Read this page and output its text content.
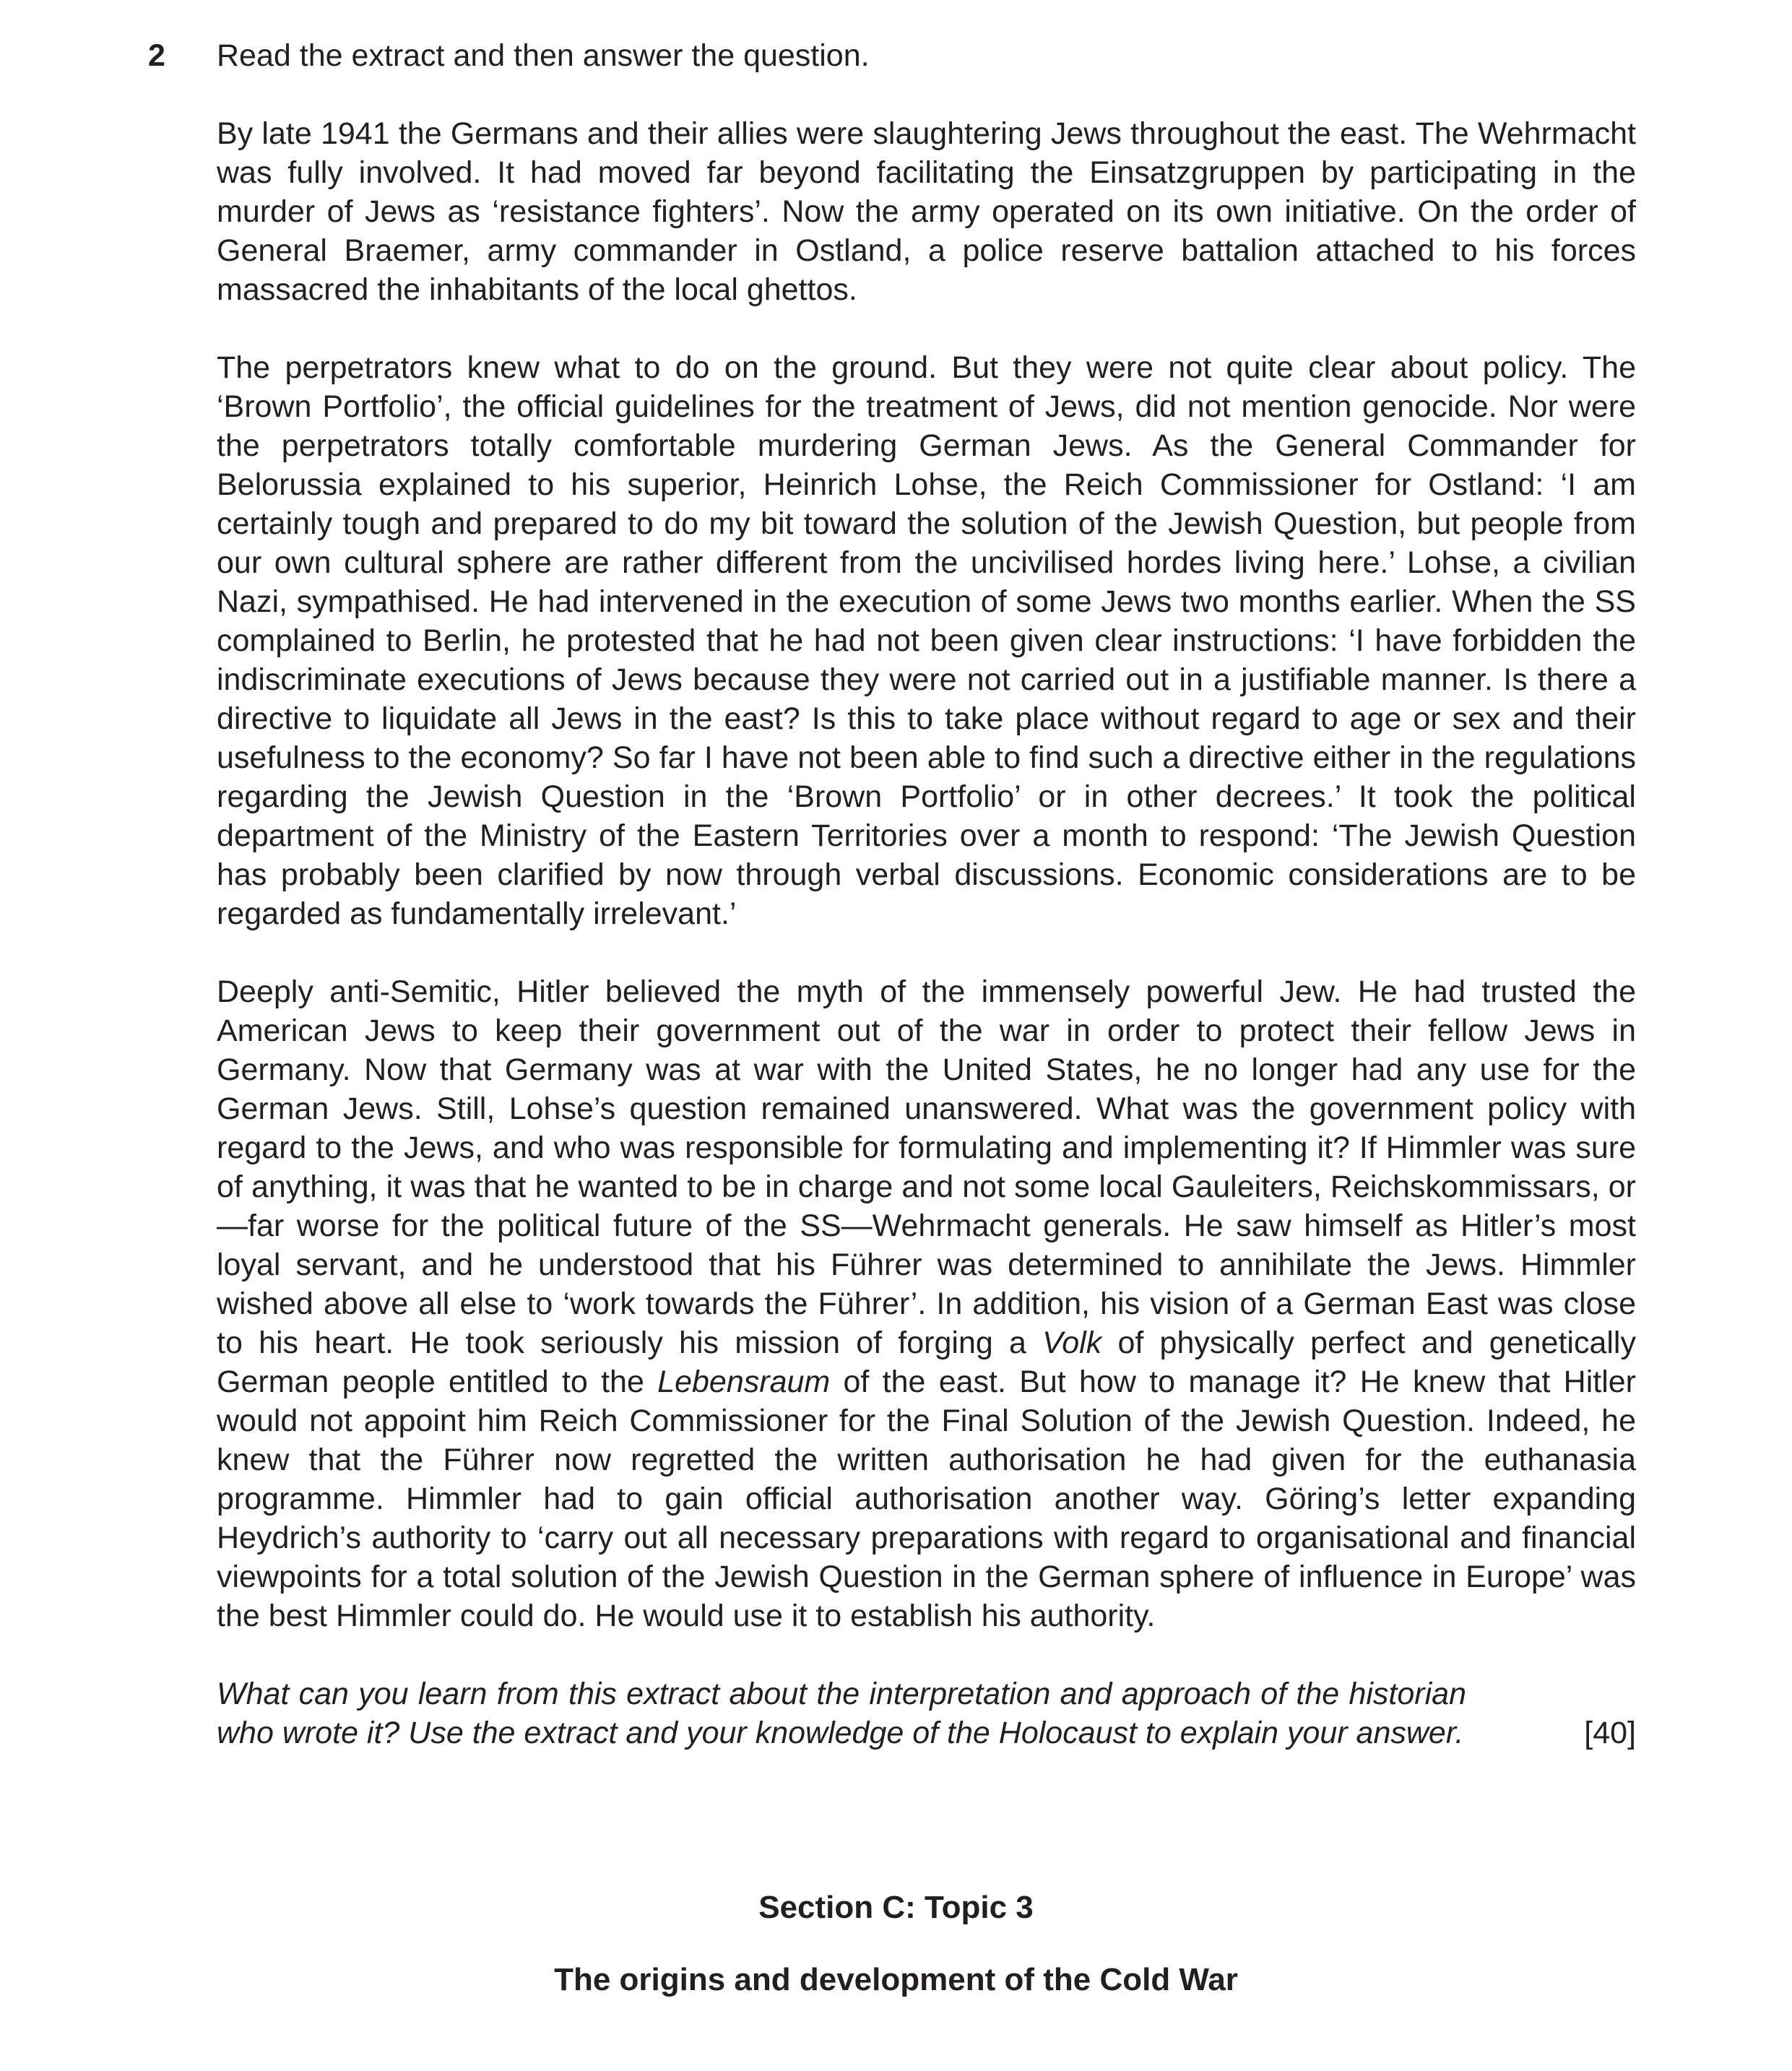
2 Read the extract and then answer the question.

By late 1941 the Germans and their allies were slaughtering Jews throughout the east. The Wehrmacht was fully involved. It had moved far beyond facilitating the Einsatzgruppen by participating in the murder of Jews as ‘resistance fighters’. Now the army operated on its own initiative. On the order of General Braemer, army commander in Ostland, a police reserve battalion attached to his forces massacred the inhabitants of the local ghettos.

The perpetrators knew what to do on the ground. But they were not quite clear about policy. The ‘Brown Portfolio’, the official guidelines for the treatment of Jews, did not mention genocide. Nor were the perpetrators totally comfortable murdering German Jews. As the General Commander for Belorussia explained to his superior, Heinrich Lohse, the Reich Commissioner for Ostland: ‘I am certainly tough and prepared to do my bit toward the solution of the Jewish Question, but people from our own cultural sphere are rather different from the uncivilised hordes living here.’ Lohse, a civilian Nazi, sympathised. He had intervened in the execution of some Jews two months earlier. When the SS complained to Berlin, he protested that he had not been given clear instructions: ‘I have forbidden the indiscriminate executions of Jews because they were not carried out in a justifiable manner. Is there a directive to liquidate all Jews in the east? Is this to take place without regard to age or sex and their usefulness to the economy? So far I have not been able to find such a directive either in the regulations regarding the Jewish Question in the ‘Brown Portfolio’ or in other decrees.’ It took the political department of the Ministry of the Eastern Territories over a month to respond: ‘The Jewish Question has probably been clarified by now through verbal discussions. Economic considerations are to be regarded as fundamentally irrelevant.’

Deeply anti-Semitic, Hitler believed the myth of the immensely powerful Jew. He had trusted the American Jews to keep their government out of the war in order to protect their fellow Jews in Germany. Now that Germany was at war with the United States, he no longer had any use for the German Jews. Still, Lohse’s question remained unanswered. What was the government policy with regard to the Jews, and who was responsible for formulating and implementing it? If Himmler was sure of anything, it was that he wanted to be in charge and not some local Gauleiters, Reichskommissars, or—far worse for the political future of the SS—Wehrmacht generals. He saw himself as Hitler’s most loyal servant, and he understood that his Führer was determined to annihilate the Jews. Himmler wished above all else to ‘work towards the Führer’. In addition, his vision of a German East was close to his heart. He took seriously his mission of forging a Volk of physically perfect and genetically German people entitled to the Lebensraum of the east. But how to manage it? He knew that Hitler would not appoint him Reich Commissioner for the Final Solution of the Jewish Question. Indeed, he knew that the Führer now regretted the written authorisation he had given for the euthanasia programme. Himmler had to gain official authorisation another way. Göring’s letter expanding Heydrich’s authority to ‘carry out all necessary preparations with regard to organisational and financial viewpoints for a total solution of the Jewish Question in the German sphere of influence in Europe’ was the best Himmler could do. He would use it to establish his authority.

What can you learn from this extract about the interpretation and approach of the historian who wrote it? Use the extract and your knowledge of the Holocaust to explain your answer.	[40]

Section C: Topic 3
The origins and development of the Cold War
